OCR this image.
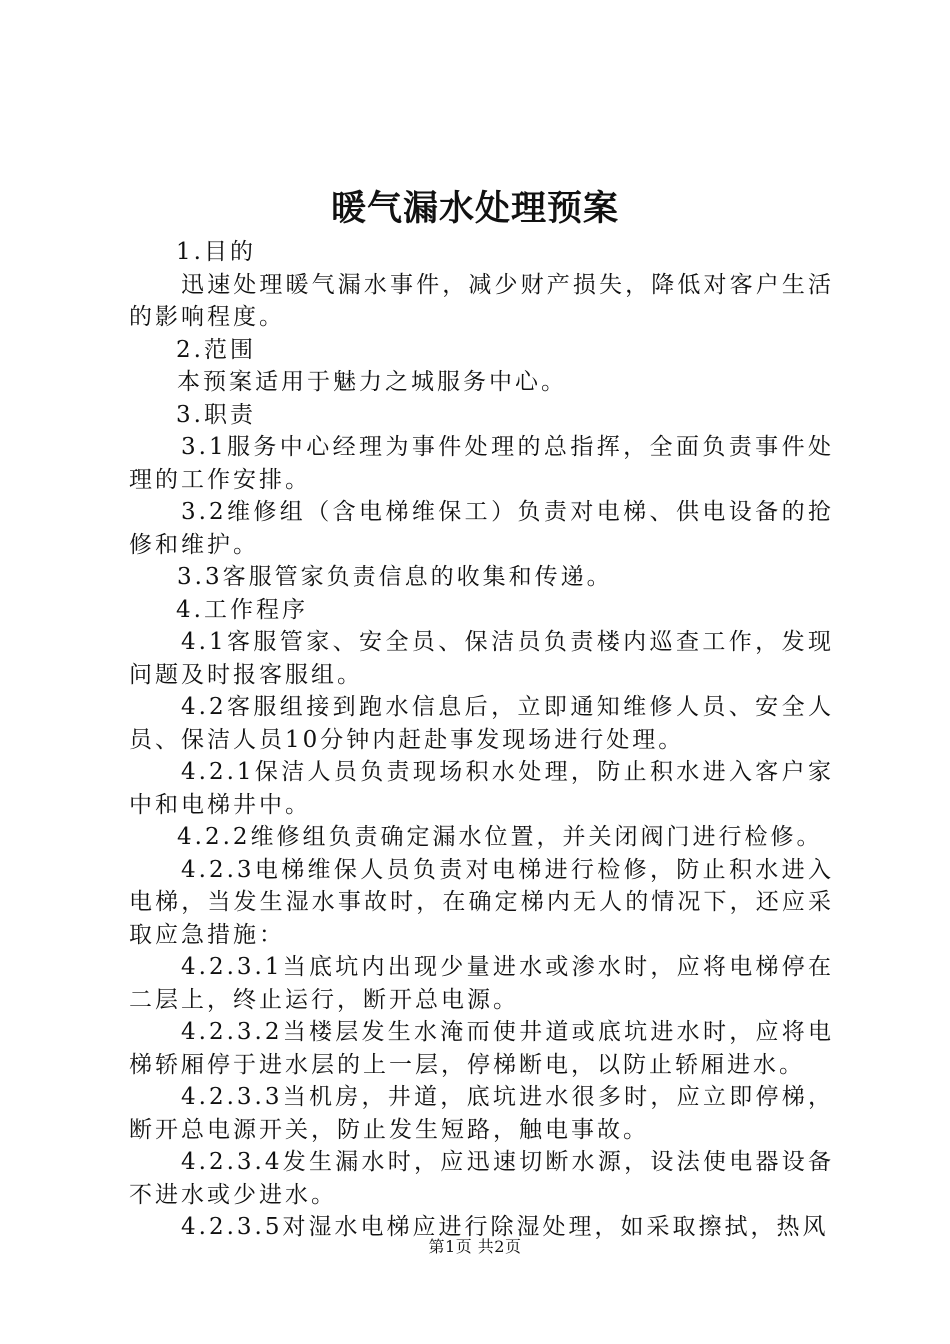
暖气漏水处理预案

1.目的

迅速处理暖气漏水事件，减少财产损失，降低对客户生活的影响程度。

2.范围

本预案适用于魅力之城服务中心。

3.职责

3.1服务中心经理为事件处理的总指挥，全面负责事件处理的工作安排。

3.2维修组（含电梯维保工）负责对电梯、供电设备的抢修和维护。

3.3客服管家负责信息的收集和传递。

4.工作程序

4.1客服管家、安全员、保洁员负责楼内巡查工作，发现问题及时报客服组。

4.2客服组接到跑水信息后，立即通知维修人员、安全人员、保洁人员10分钟内赶赴事发现场进行处理。

4.2.1保洁人员负责现场积水处理，防止积水进入客户家中和电梯井中。

4.2.2维修组负责确定漏水位置，并关闭阀门进行检修。

4.2.3电梯维保人员负责对电梯进行检修，防止积水进入电梯，当发生湿水事故时，在确定梯内无人的情况下，还应采取应急措施：

4.2.3.1当底坑内出现少量进水或渗水时，应将电梯停在二层上，终止运行，断开总电源。

4.2.3.2当楼层发生水淹而使井道或底坑进水时，应将电梯轿厢停于进水层的上一层，停梯断电，以防止轿厢进水。

4.2.3.3当机房，井道，底坑进水很多时，应立即停梯，断开总电源开关，防止发生短路，触电事故。

4.2.3.4发生漏水时，应迅速切断水源，设法使电器设备不进水或少进水。

4.2.3.5对湿水电梯应进行除湿处理，如采取擦拭，热风

第1页 共2页
